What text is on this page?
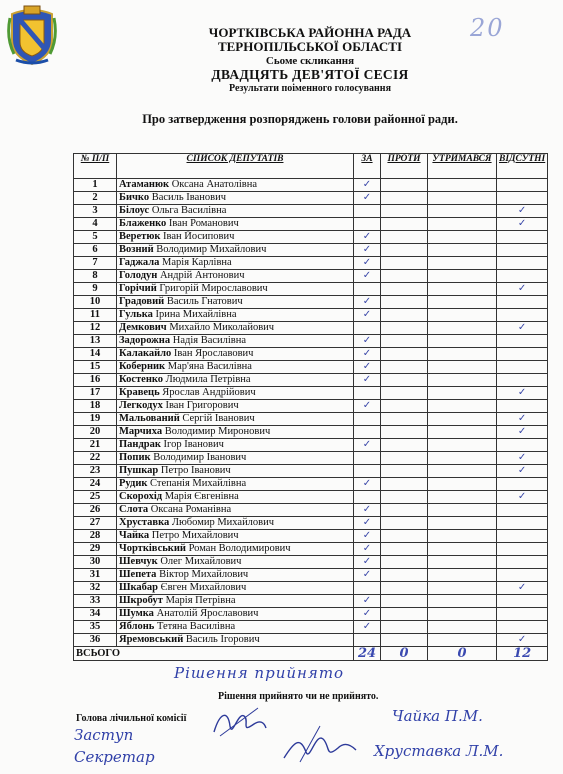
20
ЧОРТКІВСЬКА РАЙОННА РАДА
ТЕРНОПІЛЬСЬКОЇ ОБЛАСТІ
Сьоме скликання
ДВАДЦЯТЬ ДЕВ'ЯТОЇ СЕСІЯ
Результати поіменного голосування
Про затвердження розпоряджень голови районної ради.
№ П/П	СПИСОК ДЕПУТАТІВ	ЗА	ПРОТИ	УТРИМАВСЯ	ВІДСУТНІ
1	Атаманюк Оксана Анатолівна	✓			
2	Бичко Василь Іванович	✓			
3	Білоус Ольга Василівна				✓
4	Блаженко Іван Романович				✓
5	Веретюк Іван Йосипович	✓			
6	Возний Володимир Михайлович	✓			
7	Гаджала Марія Карлівна	✓			
8	Голодун Андрій Антонович	✓			
9	Горічий Григорій Мирославович				✓
10	Градовий Василь Гнатович	✓			
11	Гулька Ірина Михайлівна	✓			
12	Демкович Михайло Миколайович				✓
13	Задорожна Надія Василівна	✓			
14	Калакайло Іван Ярославович	✓			
15	Коберник Мар'яна Василівна	✓			
16	Костенко Людмила Петрівна	✓			
17	Кравець Ярослав Андрійович				✓
18	Легкодух Іван Григорович	✓			
19	Мальований Сергій Іванович				✓
20	Марчиха Володимир Миронович				✓
21	Пандрак Ігор Іванович	✓			
22	Попик Володимир Іванович				✓
23	Пушкар Петро Іванович				✓
24	Рудик Степанія Михайлівна	✓			
25	Скорохід Марія Євгенівна				✓
26	Слота Оксана Романівна	✓			
27	Хруставка Любомир Михайлович	✓			
28	Чайка Петро Михайлович	✓			
29	Чортківський Роман Володимирович	✓			
30	Шевчук Олег Михайлович	✓			
31	Шепета Віктор Михайлович	✓			
32	Шкабар Євген Михайлович				✓
33	Шкробут Марія Петрівна	✓			
34	Шумка Анатолій Ярославович	✓			
35	Яблонь Тетяна Василівна	✓			
36	Яремовський Василь Ігорович				✓
ВСЬОГО		24	0	0	12
Рішення прийнято
Рішення прийнято чи не прийнято.
Голова лічильної комісії
Заступ
Секретар
Чайка П.М.
Хруставка Л.М.
